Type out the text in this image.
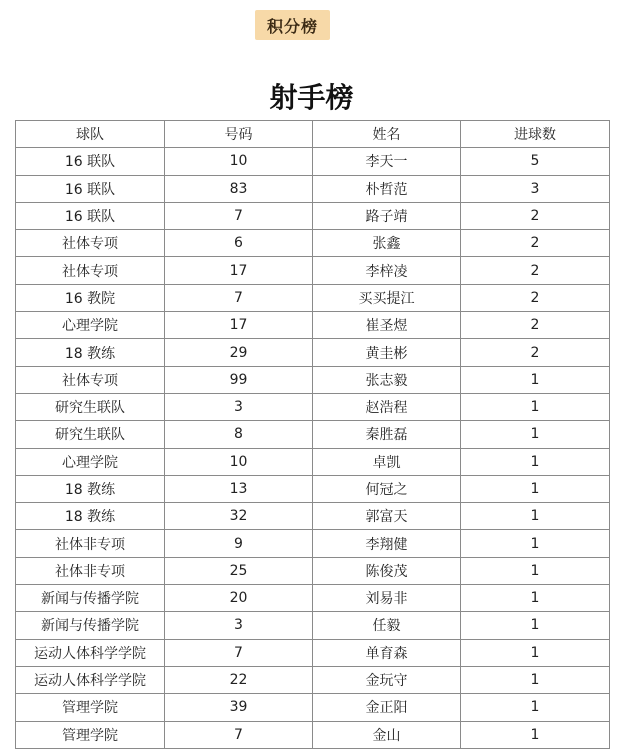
积分榜
射手榜
球队	号码	姓名	进球数
16 联队	10	李天一	5
16 联队	83	朴哲范	3
16 联队	7	路子靖	2
社体专项	6	张鑫	2
社体专项	17	李梓凌	2
16 教院	7	买买提江	2
心理学院	17	崔圣煜	2
18 教练	29	黄圭彬	2
社体专项	99	张志毅	1
研究生联队	3	赵浩程	1
研究生联队	8	秦胜磊	1
心理学院	10	卓凯	1
18 教练	13	何冠之	1
18 教练	32	郭富天	1
社体非专项	9	李翔健	1
社体非专项	25	陈俊茂	1
新闻与传播学院	20	刘易非	1
新闻与传播学院	3	任毅	1
运动人体科学学院	7	单育森	1
运动人体科学学院	22	金玩守	1
管理学院	39	金正阳	1
管理学院	7	金山	1
